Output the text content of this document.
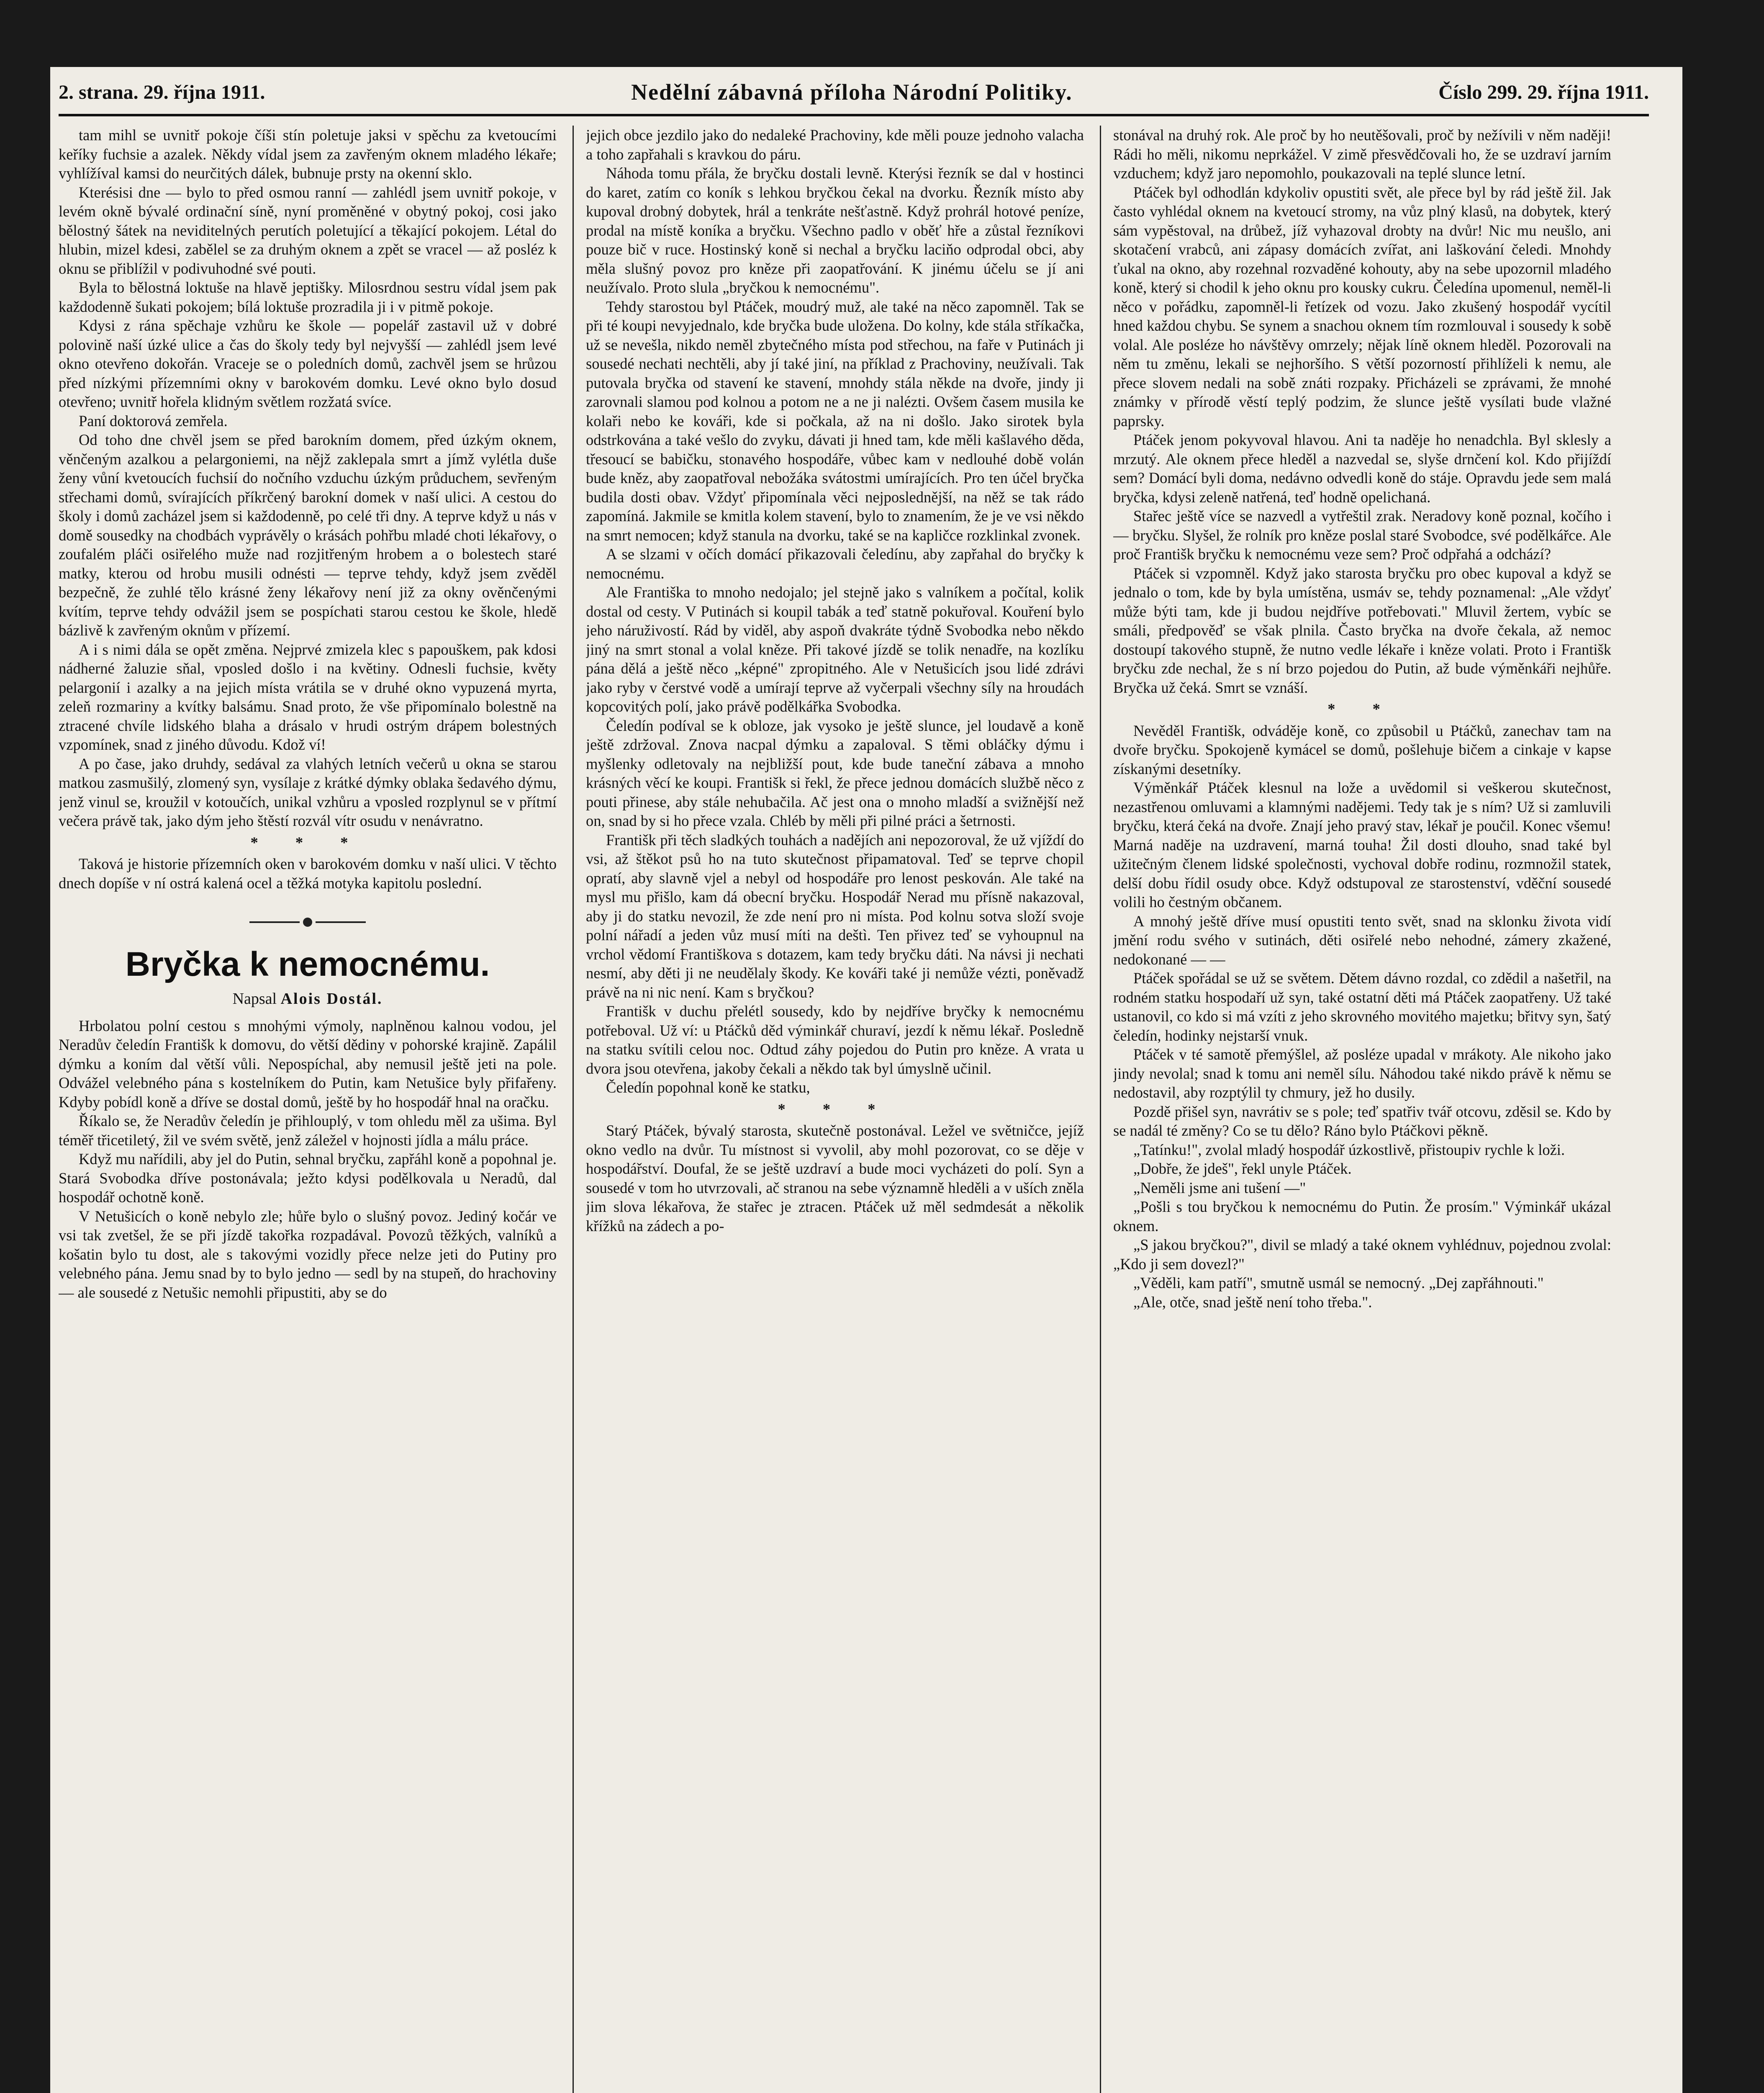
2. strana. 29. října 1911.	Nedělní zábavná příloha Národní Politiky.	Číslo 299. 29. října 1911.

tam mihl se uvnitř pokoje číši stín poletuje jaksi v spěchu za kvetoucími keříky fuchsie a azalek. Někdy vídal jsem za zavřeným oknem mladého lékaře; vyhlížíval kamsi do neurčitých dálek, bubnuje prsty na okenní sklo.

Kterésisi dne — bylo to před osmou ranní — zahlédl jsem uvnitř pokoje, v levém okně bývalé ordinační síně, nyní proměněné v obytný pokoj, cosi jako bělostný šátek na neviditelných perutích poletující a těkající pokojem. Létal do hlubin, mizel kdesi, zabělel se za druhým oknem a zpět se vracel — až posléz k oknu se přiblížil v podivuhodné své pouti.

Byla to bělostná loktuše na hlavě jeptišky. Milosrdnou sestru vídal jsem pak každodenně šukati pokojem; bílá loktuše prozradila ji i v pitmě pokoje.

Kdysi z rána spěchaje vzhůru ke škole — popelář zastavil už v dobré polovině naší úzké ulice a čas do školy tedy byl nejvyšší — zahlédl jsem levé okno otevřeno dokořán. Vraceje se o poledních domů, zachvěl jsem se hrůzou před nízkými přízemními okny v barokovém domku. Levé okno bylo dosud otevřeno; uvnitř hořela klidným světlem rozžatá svíce.

Paní doktorová zemřela.

Od toho dne chvěl jsem se před barokním domem, před úzkým oknem, věnčeným azalkou a pelargoniemi, na nějž zaklepala smrt a jímž vylétla duše ženy vůní kvetoucích fuchsií do nočního vzduchu úzkým průduchem, sevřeným střechami domů, svírajících příkrčený barokní domek v naší ulici. A cestou do školy i domů zacházel jsem si každodenně, po celé tři dny. A teprve když u nás v domě sousedky na chodbách vyprávěly o krásách pohřbu mladé choti lékařovy, o zoufalém pláči osiřelého muže nad rozjitřeným hrobem a o bolestech staré matky, kterou od hrobu musili odnésti — teprve tehdy, když jsem zvěděl bezpečně, že zuhlé tělo krásné ženy lékařovy není již za okny ověnčenými kvítím, teprve tehdy odvážil jsem se pospíchati starou cestou ke škole, hledě bázlivě k zavřeným oknům v přízemí.

A i s nimi dála se opět změna. Nejprvé zmizela klec s papouškem, pak kdosi nádherné žaluzie sňal, vposled došlo i na květiny. Odnesli fuchsie, květy pelargonií i azalky a na jejich místa vrátila se v druhé okno vypuzená myrta, zeleň rozmariny a kvítky balsámu. Snad proto, že vše připomínalo bolestně na ztracené chvíle lidského blaha a drásalo v hrudi ostrým drápem bolestných vzpomínek, snad z jiného důvodu. Kdož ví!

A po čase, jako druhdy, sedával za vlahých letních večerů u okna se starou matkou zasmušilý, zlomený syn, vysílaje z krátké dýmky oblaka šedavého dýmu, jenž vinul se, kroužil v kotoučích, unikal vzhůru a vposled rozplynul se v přítmí večera právě tak, jako dým jeho štěstí rozvál vítr osudu v nenávratno.

* * *

Taková je historie přízemních oken v barokovém domku v naší ulici. V těchto dnech dopíše v ní ostrá kalená ocel a těžká motyka kapitolu poslední.

Bryčka k nemocnému.
Napsal Alois Dostál.

Hrbolatou polní cestou s mnohými výmoly, naplněnou kalnou vodou, jel Neradův čeledín Františk k domovu, do větší dědiny v pohorské krajině. Zapálil dýmku a koním dal větší vůli. Nepospíchal, aby nemusil ještě jeti na pole. Odvážel velebného pána s kostelníkem do Putin, kam Netušice byly přifařeny. Kdyby pobídl koně a dříve se dostal domů, ještě by ho hospodář hnal na oračku.

Říkalo se, že Neradův čeledín je přihlouplý, v tom ohledu měl za ušima. Byl téměř třicetiletý, žil ve svém světě, jenž záležel v hojnosti jídla a málu práce.

Když mu nařídili, aby jel do Putin, sehnal bryčku, zapřáhl koně a popohnal je. Stará Svobodka dříve postonávala; ježto kdysi podělkovala u Neradů, dal hospodář ochotně koně.

V Netušicích o koně nebylo zle; hůře bylo o slušný povoz. Jediný kočár ve vsi tak zvetšel, že se při jízdě takořka rozpadával. Povozů těžkých, valníků a košatin bylo tu dost, ale s takovými vozidly přece nelze jeti do Putiny pro velebného pána. Jemu snad by to bylo jedno — sedl by na stupeň, do hrachoviny — ale sousedé z Netušic nemohli připustiti, aby se do

jejich obce jezdilo jako do nedaleké Prachoviny, kde měli pouze jednoho valacha a toho zapřahali s kravkou do páru.

Náhoda tomu přála, že bryčku dostali levně. Kterýsi řezník se dal v hostinci do karet, zatím co koník s lehkou bryčkou čekal na dvorku. Řezník místo aby kupoval drobný dobytek, hrál a tenkráte nešťastně. Když prohrál hotové peníze, prodal na místě koníka a bryčku. Všechno padlo v oběť hře a zůstal řezníkovi pouze bič v ruce. Hostinský koně si nechal a bryčku laciňo odprodal obci, aby měla slušný povoz pro kněze při zaopatřování. K jinému účelu se jí ani neužívalo. Proto slula „bryčkou k nemocnému".

Tehdy starostou byl Ptáček, moudrý muž, ale také na něco zapomněl. Tak se při té koupi nevyjednalo, kde bryčka bude uložena. Do kolny, kde stála stříkačka, už se nevešla, nikdo neměl zbytečného místa pod střechou, na faře v Putinách ji sousedé nechati nechtěli, aby jí také jiní, na příklad z Prachoviny, neužívali. Tak putovala bryčka od stavení ke stavení, mnohdy stála někde na dvoře, jindy ji zarovnali slamou pod kolnou a potom ne a ne ji nalézti. Ovšem časem musila ke kolaři nebo ke kováři, kde si počkala, až na ni došlo. Jako sirotek byla odstrkována a také vešlo do zvyku, dávati ji hned tam, kde měli kašlavého děda, třesoucí se babičku, stonavého hospodáře, vůbec kam v nedlouhé době volán bude kněz, aby zaopatřoval nebožáka svátostmi umírajících. Pro ten účel bryčka budila dosti obav. Vždyť připomínala věci nejposlednější, na něž se tak rádo zapomíná. Jakmile se kmitla kolem stavení, bylo to znamením, že je ve vsi někdo na smrt nemocen; když stanula na dvorku, také se na kapličce rozklinkal zvonek.

A se slzami v očích domácí přikazovali čeledínu, aby zapřahal do bryčky k nemocnému.

Ale Františka to mnoho nedojalo; jel stejně jako s valníkem a počítal, kolik dostal od cesty. V Putinách si koupil tabák a teď statně pokuřoval. Kouření bylo jeho náruživostí. Rád by viděl, aby aspoň dvakráte týdně Svobodka nebo někdo jiný na smrt stonal a volal kněze. Při takové jízdě se tolik nenadře, na kozlíku pána dělá a ještě něco „képné" zpropitného. Ale v Netušicích jsou lidé zdrávi jako ryby v čerstvé vodě a umírají teprve až vyčerpali všechny síly na hroudách kopcovitých polí, jako právě podělkářka Svobodka.

Čeledín podíval se k obloze, jak vysoko je ještě slunce, jel loudavě a koně ještě zdržoval. Znova nacpal dýmku a zapaloval. S těmi obláčky dýmu i myšlenky odletovaly na nejbližší pout, kde bude taneční zábava a mnoho krásných věcí ke koupi. Františk si řekl, že přece jednou domácích službě něco z pouti přinese, aby stále nehubačila. Ač jest ona o mnoho mladší a svižnější než on, snad by si ho přece vzala. Chléb by měli při pilné práci a šetrnosti.

Františk při těch sladkých touhách a nadějích ani nepozoroval, že už vjíždí do vsi, až štěkot psů ho na tuto skutečnost připamatoval. Teď se teprve chopil opratí, aby slavně vjel a nebyl od hospodáře pro lenost peskován. Ale také na mysl mu přišlo, kam dá obecní bryčku. Hospodář Nerad mu přísně nakazoval, aby ji do statku nevozil, že zde není pro ni místa. Pod kolnu sotva složí svoje polní nářadí a jeden vůz musí míti na deštì. Ten přivez teď se vyhoupnul na vrchol vědomí Františkova s dotazem, kam tedy bryčku dáti. Na návsi ji nechati nesmí, aby děti ji ne neudělaly škody. Ke kováři také ji nemůže vézti, poněvadž právě na ni nic není. Kam s bryčkou?

Františk v duchu přelétl sousedy, kdo by nejdříve bryčky k nemocnému potřeboval. Už ví: u Ptáčků děd výminkář churaví, jezdí k němu lékař. Posledně na statku svítili celou noc. Odtud záhy pojedou do Putin pro kněze. A vrata u dvora jsou otevřena, jakoby čekali a někdo tak byl úmyslně učinil.

Čeledín popohnal koně ke statku,

* * *

Starý Ptáček, bývalý starosta, skutečně postonával. Ležel ve světničce, jejíž okno vedlo na dvůr. Tu místnost si vyvolil, aby mohl pozorovat, co se děje v hospodářství. Doufal, že se ještě uzdraví a bude moci vycházeti do polí. Syn a sousedé v tom ho utvrzovali, ač stranou na sebe významně hleděli a v uších zněla jim slova lékařova, že stařec je ztracen. Ptáček už měl sedmdesát a několik křížků na zádech a po-

stonával na druhý rok. Ale proč by ho neutěšovali, proč by nežívili v něm naději! Rádi ho měli, nikomu neprkážel. V zimě přesvědčovali ho, že se uzdraví jarním vzduchem; když jaro nepomohlo, poukazovali na teplé slunce letní.

Ptáček byl odhodlán kdykoliv opustiti svět, ale přece byl by rád ještě žil. Jak často vyhlédal oknem na kvetoucí stromy, na vůz plný klasů, na dobytek, který sám vypěstoval, na drůbež, jíž vyhazoval drobty na dvůr! Nic mu neušlo, ani skotačení vrabců, ani zápasy domácích zvířat, ani laškování čeledi. Mnohdy ťukal na okno, aby rozehnal rozvaděné kohouty, aby na sebe upozornil mladého koně, který si chodil k jeho oknu pro kousky cukru. Čeledína upomenul, neměl-li něco v pořádku, zapomněl-li řetízek od vozu. Jako zkušený hospodář vycítil hned každou chybu. Se synem a snachou oknem tím rozmlouval i sousedy k sobě volal. Ale posléze ho návštěvy omrzely; nějak líně oknem hleděl. Pozorovali na něm tu změnu, lekali se nejhoršího. S větší pozorností přihlíželi k nemu, ale přece slovem nedali na sobě znáti rozpaky. Přicházeli se zprávami, že mnohé známky v přírodě věstí teplý podzim, že slunce ještě vysílati bude vlažné paprsky.

Ptáček jenom pokyvoval hlavou. Ani ta naděje ho nenadchla. Byl sklesly a mrzutý. Ale oknem přece hleděl a nazvedal se, slyše drnčení kol. Kdo přijíždí sem? Domácí byli doma, nedávno odvedli koně do stáje. Opravdu jede sem malá bryčka, kdysi zeleně natřená, teď hodně opelichaná.

Stařec ještě více se nazvedl a vytřeštil zrak. Neradovy koně poznal, kočího i — bryčku. Slyšel, že rolník pro kněze poslal staré Svobodce, své podělkářce. Ale proč Františk bryčku k nemocnému veze sem? Proč odpřahá a odchází?

Ptáček si vzpomněl. Když jako starosta bryčku pro obec kupoval a když se jednalo o tom, kde by byla umístěna, usmáv se, tehdy poznamenal: „Ale vždyť může býti tam, kde ji budou nejdříve potřebovati." Mluvil žertem, vybíc se smáli, předpověď se však plnila. Často bryčka na dvoře čekala, až nemoc dostoupí takového stupně, že nutno vedle lékaře i kněze volati. Proto i Františk bryčku zde nechal, že s ní brzo pojedou do Putin, až bude výměnkáři nejhůře. Bryčka už čeká. Smrt se vznáší.

* *

Nevěděl Františk, odváděje koně, co způsobil u Ptáčků, zanechav tam na dvoře bryčku. Spokojeně kymácel se domů, pošlehuje bičem a cinkaje v kapse získanými desetníky.

Výměnkář Ptáček klesnul na lože a uvědomil si veškerou skutečnost, nezastřenou omluvami a klamnými nadějemi. Tedy tak je s ním? Už si zamluvili bryčku, která čeká na dvoře. Znají jeho pravý stav, lékař je poučil. Konec všemu! Marná naděje na uzdravení, marná touha! Žil dosti dlouho, snad také byl užitečným členem lidské společnosti, vychoval dobře rodinu, rozmnožil statek, delší dobu řídil osudy obce. Když odstupoval ze starostenství, vděční sousedé volili ho čestným občanem.

A mnohý ještě dříve musí opustiti tento svět, snad na sklonku života vidí jmění rodu svého v sutinách, děti osiřelé nebo nehodné, zámery zkažené, nedokonané — —

Ptáček spořádal se už se světem. Dětem dávno rozdal, co zdědil a našetřil, na rodném statku hospodaří už syn, také ostatní děti má Ptáček zaopatřeny. Už také ustanovil, co kdo si má vzíti z jeho skrovného movitého majetku; břitvy syn, šatý čeledín, hodinky nejstarší vnuk.

Ptáček v té samotě přemýšlel, až posléze upadal v mrákoty. Ale nikoho jako jindy nevolal; snad k tomu ani neměl sílu. Náhodou také nikdo právě k němu se nedostavil, aby rozptýlil ty chmury, jež ho dusily.

Pozdě přišel syn, navrátiv se s pole; teď spatřiv tvář otcovu, zděsil se. Kdo by se nadál té změny? Co se tu dělo? Ráno bylo Ptáčkovi pěkně.

„Tatínku!", zvolal mladý hospodář úzkostlivě, přistoupiv rychle k loži.

„Dobře, že jdeš", řekl unyle Ptáček.

„Neměli jsme ani tušení —"

„Pošli s tou bryčkou k nemocnému do Putin. Že prosím." Výminkář ukázal oknem.

„S jakou bryčkou?", divil se mladý a také oknem vyhlédnuv, pojednou zvolal: „Kdo ji sem dovezl?"

„Věděli, kam patří", smutně usmál se nemocný. „Dej zapřáhnouti."

„Ale, otče, snad ještě není toho třeba.".
